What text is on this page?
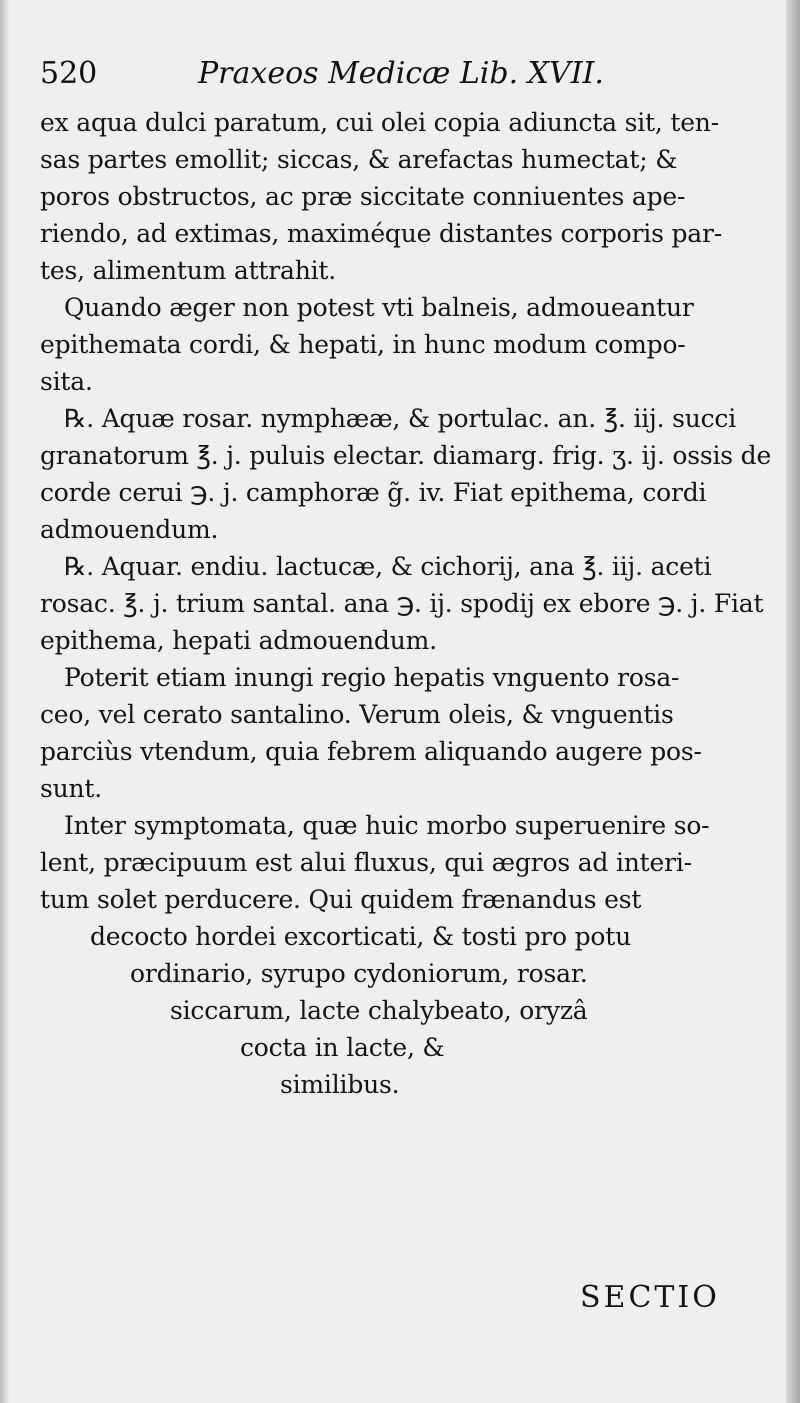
520	Praxeos Medicæ Lib. XVII.
ex aqua dulci paratum, cui olei copia adiuncta sit, ten-
sas partes emollit; siccas, & arefactas humectat; &
poros obstructos, ac præ siccitate conniuentes ape-
riendo, ad extimas, maximéque distantes corporis par-
tes, alimentum attrahit.
Quando æger non potest vti balneis, admoueantur
epithemata cordi, & hepati, in hunc modum compo-
sita.
℞. Aquæ rosar. nymphææ, & portulac. an. ℥. iij. succi
granatorum ℥. j. puluis electar. diamarg. frig. ʒ. ij. ossis de
corde cerui ℈. j. camphoræ g̃. iv. Fiat epithema, cordi
admouendum.
℞. Aquar. endiu. lactucæ, & cichorij, ana ℥. iij. aceti
rosac. ℥. j. trium santal. ana ℈. ij. spodij ex ebore ℈. j. Fiat
epithema, hepati admouendum.
Poterit etiam inungi regio hepatis vnguento rosa-
ceo, vel cerato santalino. Verum oleis, & vnguentis
parciùs vtendum, quia febrem aliquando augere pos-
sunt.
Inter symptomata, quæ huic morbo superuenire so-
lent, præcipuum est alui fluxus, qui ægros ad interi-
tum solet perducere. Qui quidem frænandus est
decocto hordei excorticati, & tosti pro potu
ordinario, syrupo cydoniorum, rosar.
siccarum, lacte chalybeato, oryzâ
cocta in lacte, &
similibus.
SECTIO
